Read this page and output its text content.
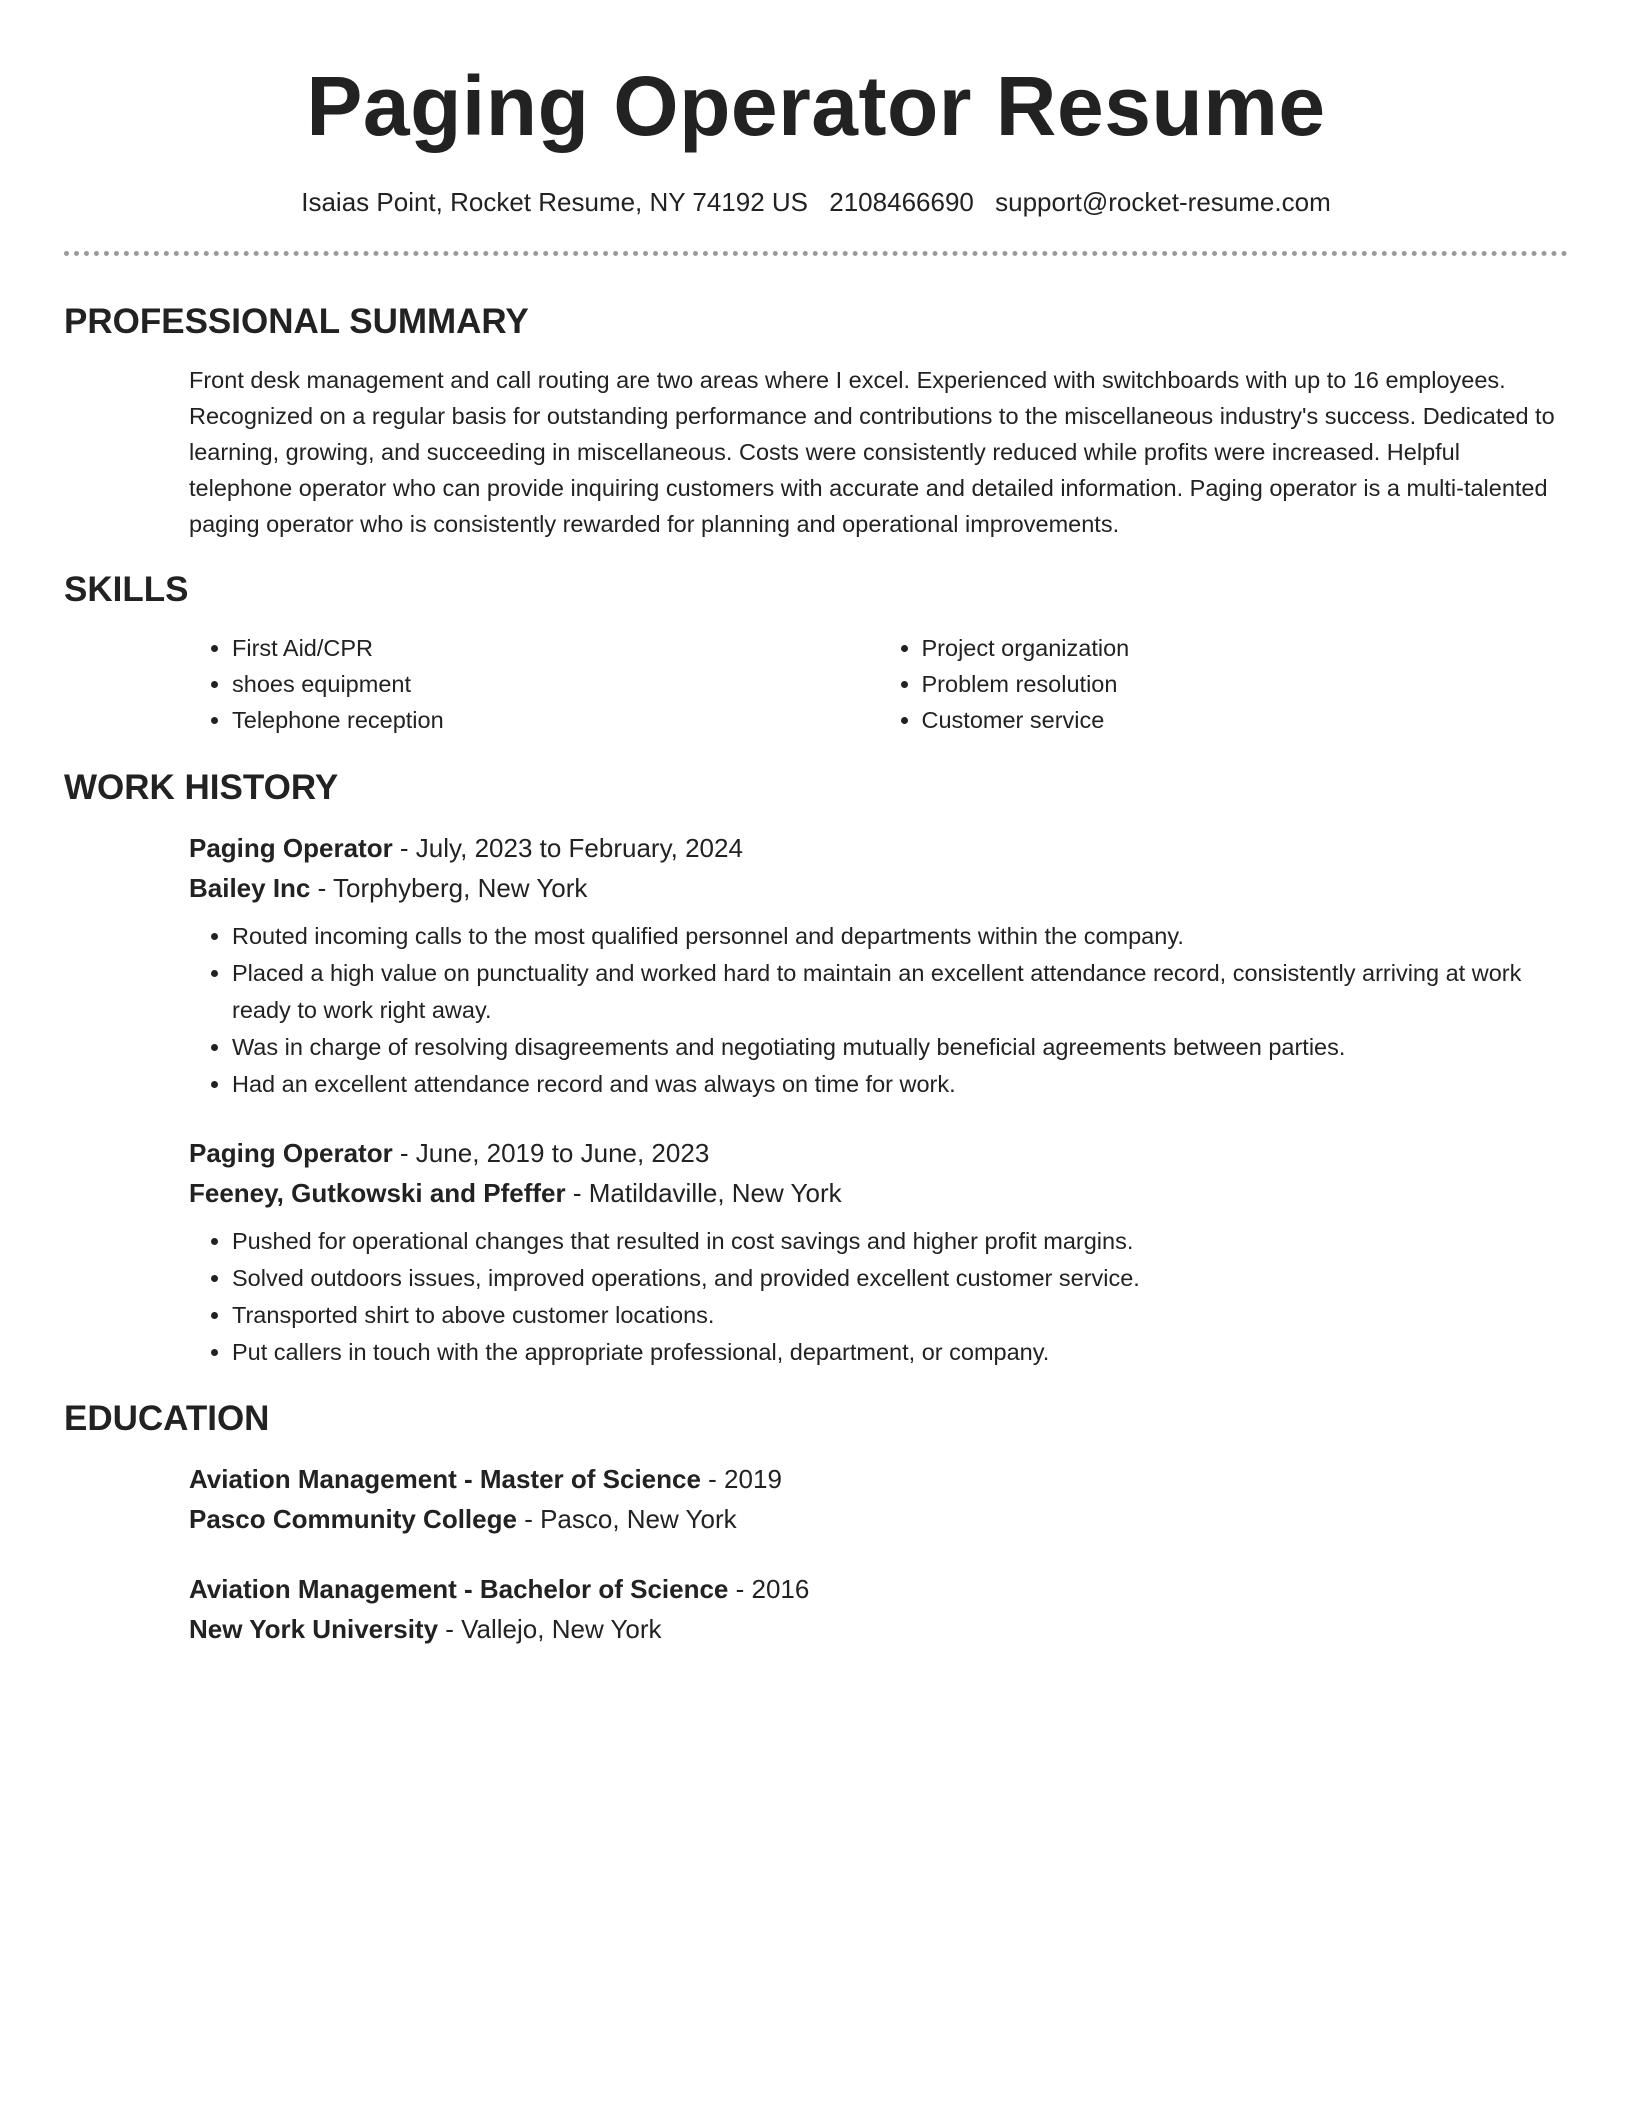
Paging Operator Resume
Isaias Point, Rocket Resume, NY 74192 US 2108466690 support@rocket-resume.com
PROFESSIONAL SUMMARY
Front desk management and call routing are two areas where I excel. Experienced with switchboards with up to 16 employees. Recognized on a regular basis for outstanding performance and contributions to the miscellaneous industry's success. Dedicated to learning, growing, and succeeding in miscellaneous. Costs were consistently reduced while profits were increased. Helpful telephone operator who can provide inquiring customers with accurate and detailed information. Paging operator is a multi-talented paging operator who is consistently rewarded for planning and operational improvements.
SKILLS
• First Aid/CPR
• shoes equipment
• Telephone reception
• Project organization
• Problem resolution
• Customer service
WORK HISTORY
Paging Operator - July, 2023 to February, 2024
Bailey Inc - Torphyberg, New York
• Routed incoming calls to the most qualified personnel and departments within the company.
• Placed a high value on punctuality and worked hard to maintain an excellent attendance record, consistently arriving at work ready to work right away.
• Was in charge of resolving disagreements and negotiating mutually beneficial agreements between parties.
• Had an excellent attendance record and was always on time for work.
Paging Operator - June, 2019 to June, 2023
Feeney, Gutkowski and Pfeffer - Matildaville, New York
• Pushed for operational changes that resulted in cost savings and higher profit margins.
• Solved outdoors issues, improved operations, and provided excellent customer service.
• Transported shirt to above customer locations.
• Put callers in touch with the appropriate professional, department, or company.
EDUCATION
Aviation Management - Master of Science - 2019
Pasco Community College - Pasco, New York
Aviation Management - Bachelor of Science - 2016
New York University - Vallejo, New York
